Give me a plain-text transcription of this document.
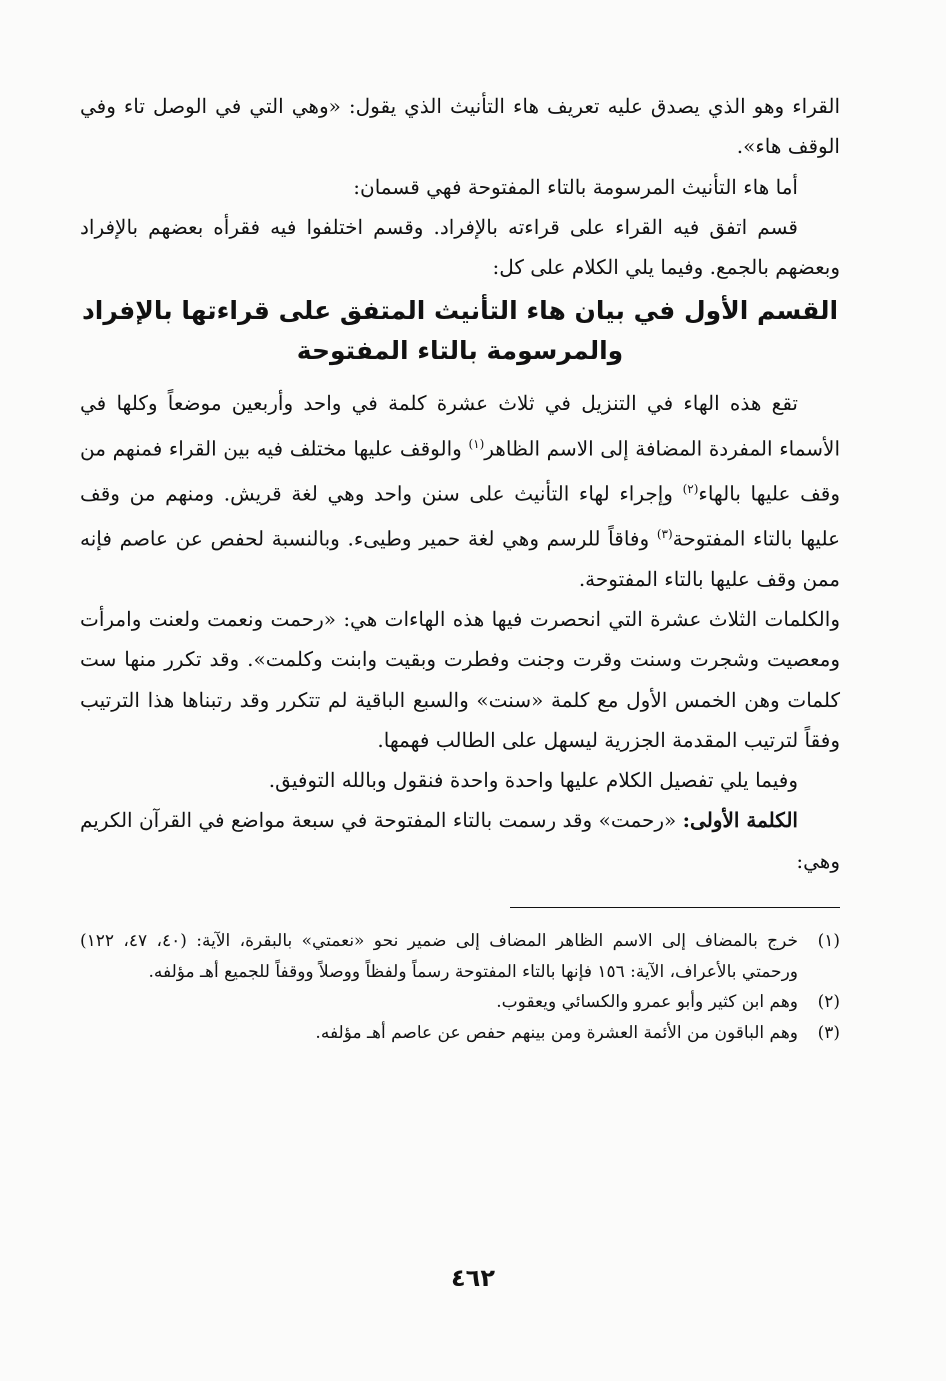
القراء وهو الذي يصدق عليه تعريف هاء التأنيث الذي يقول: «وهي التي في الوصل تاء وفي الوقف هاء».

أما هاء التأنيث المرسومة بالتاء المفتوحة فهي قسمان:

قسم اتفق فيه القراء على قراءته بالإفراد. وقسم اختلفوا فيه فقرأه بعضهم بالإفراد وبعضهم بالجمع. وفيما يلي الكلام على كل:

القسم الأول في بيان هاء التأنيث المتفق على قراءتها بالإفراد والمرسومة بالتاء المفتوحة

تقع هذه الهاء في التنزيل في ثلاث عشرة كلمة في واحد وأربعين موضعاً وكلها في الأسماء المفردة المضافة إلى الاسم الظاهر$^{(١)}$ والوقف عليها مختلف فيه بين القراء فمنهم من وقف عليها بالهاء$^{(٢)}$ وإجراء لهاء التأنيث على سنن واحد وهي لغة قريش. ومنهم من وقف عليها بالتاء المفتوحة$^{(٣)}$ وفاقاً للرسم وهي لغة حمير وطيىء. وبالنسبة لحفص عن عاصم فإنه ممن وقف عليها بالتاء المفتوحة.

والكلمات الثلاث عشرة التي انحصرت فيها هذه الهاءات هي: «رحمت ونعمت ولعنت وامرأت ومعصيت وشجرت وسنت وقرت وجنت وفطرت وبقيت وابنت وكلمت». وقد تكرر منها ست كلمات وهن الخمس الأول مع كلمة «سنت» والسبع الباقية لم تتكرر وقد رتبناها هذا الترتيب وفقاً لترتيب المقدمة الجزرية ليسهل على الطالب فهمها.

وفيما يلي تفصيل الكلام عليها واحدة واحدة فنقول وبالله التوفيق.

الكلمة الأولى: «رحمت» وقد رسمت بالتاء المفتوحة في سبعة مواضع في القرآن الكريم وهي:

(١)
خرج بالمضاف إلى الاسم الظاهر المضاف إلى ضمير نحو «نعمتي» بالبقرة، الآية: (٤٠، ٤٧، ١٢٢) ورحمتي بالأعراف، الآية: ١٥٦ فإنها بالتاء المفتوحة رسماً ولفظاً ووصلاً ووقفاً للجميع أهـ مؤلفه.
(٢)
وهم ابن كثير وأبو عمرو والكسائي ويعقوب.
(٣)
وهم الباقون من الأئمة العشرة ومن بينهم حفص عن عاصم أهـ مؤلفه.
٤٦٢
